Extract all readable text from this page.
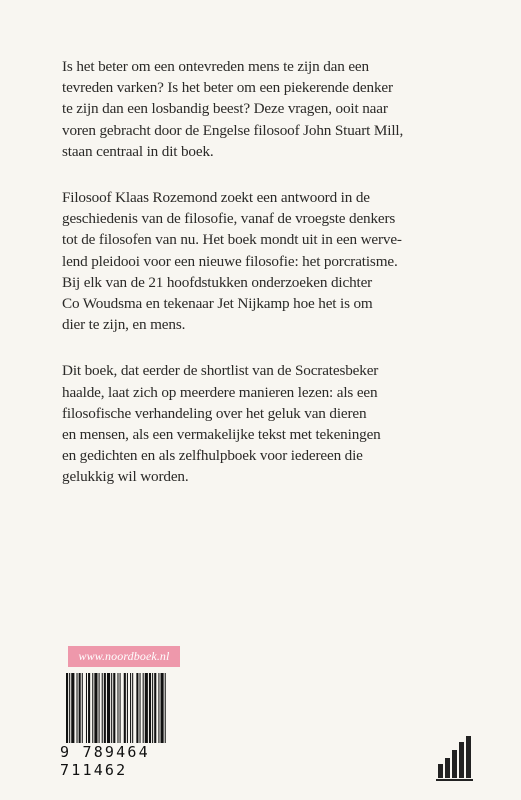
Is het beter om een ontevreden mens te zijn dan een
tevreden varken? Is het beter om een piekerende denker
te zijn dan een losbandig beest? Deze vragen, ooit naar
voren gebracht door de Engelse filosoof John Stuart Mill,
staan centraal in dit boek.

Filosoof Klaas Rozemond zoekt een antwoord in de
geschiedenis van de filosofie, vanaf de vroegste denkers
tot de filosofen van nu. Het boek mondt uit in een werve-
lend pleidooi voor een nieuwe filosofie: het porcratisme.
Bij elk van de 21 hoofdstukken onderzoeken dichter
Co Woudsma en tekenaar Jet Nijkamp hoe het is om
dier te zijn, en mens.

Dit boek, dat eerder de shortlist van de Socratesbeker
haalde, laat zich op meerdere manieren lezen: als een
filosofische verhandeling over het geluk van dieren
en mensen, als een vermakelijke tekst met tekeningen
en gedichten en als zelfhulpboek voor iedereen die
gelukkig wil worden.

www.noordboek.nl
9 789464 711462
